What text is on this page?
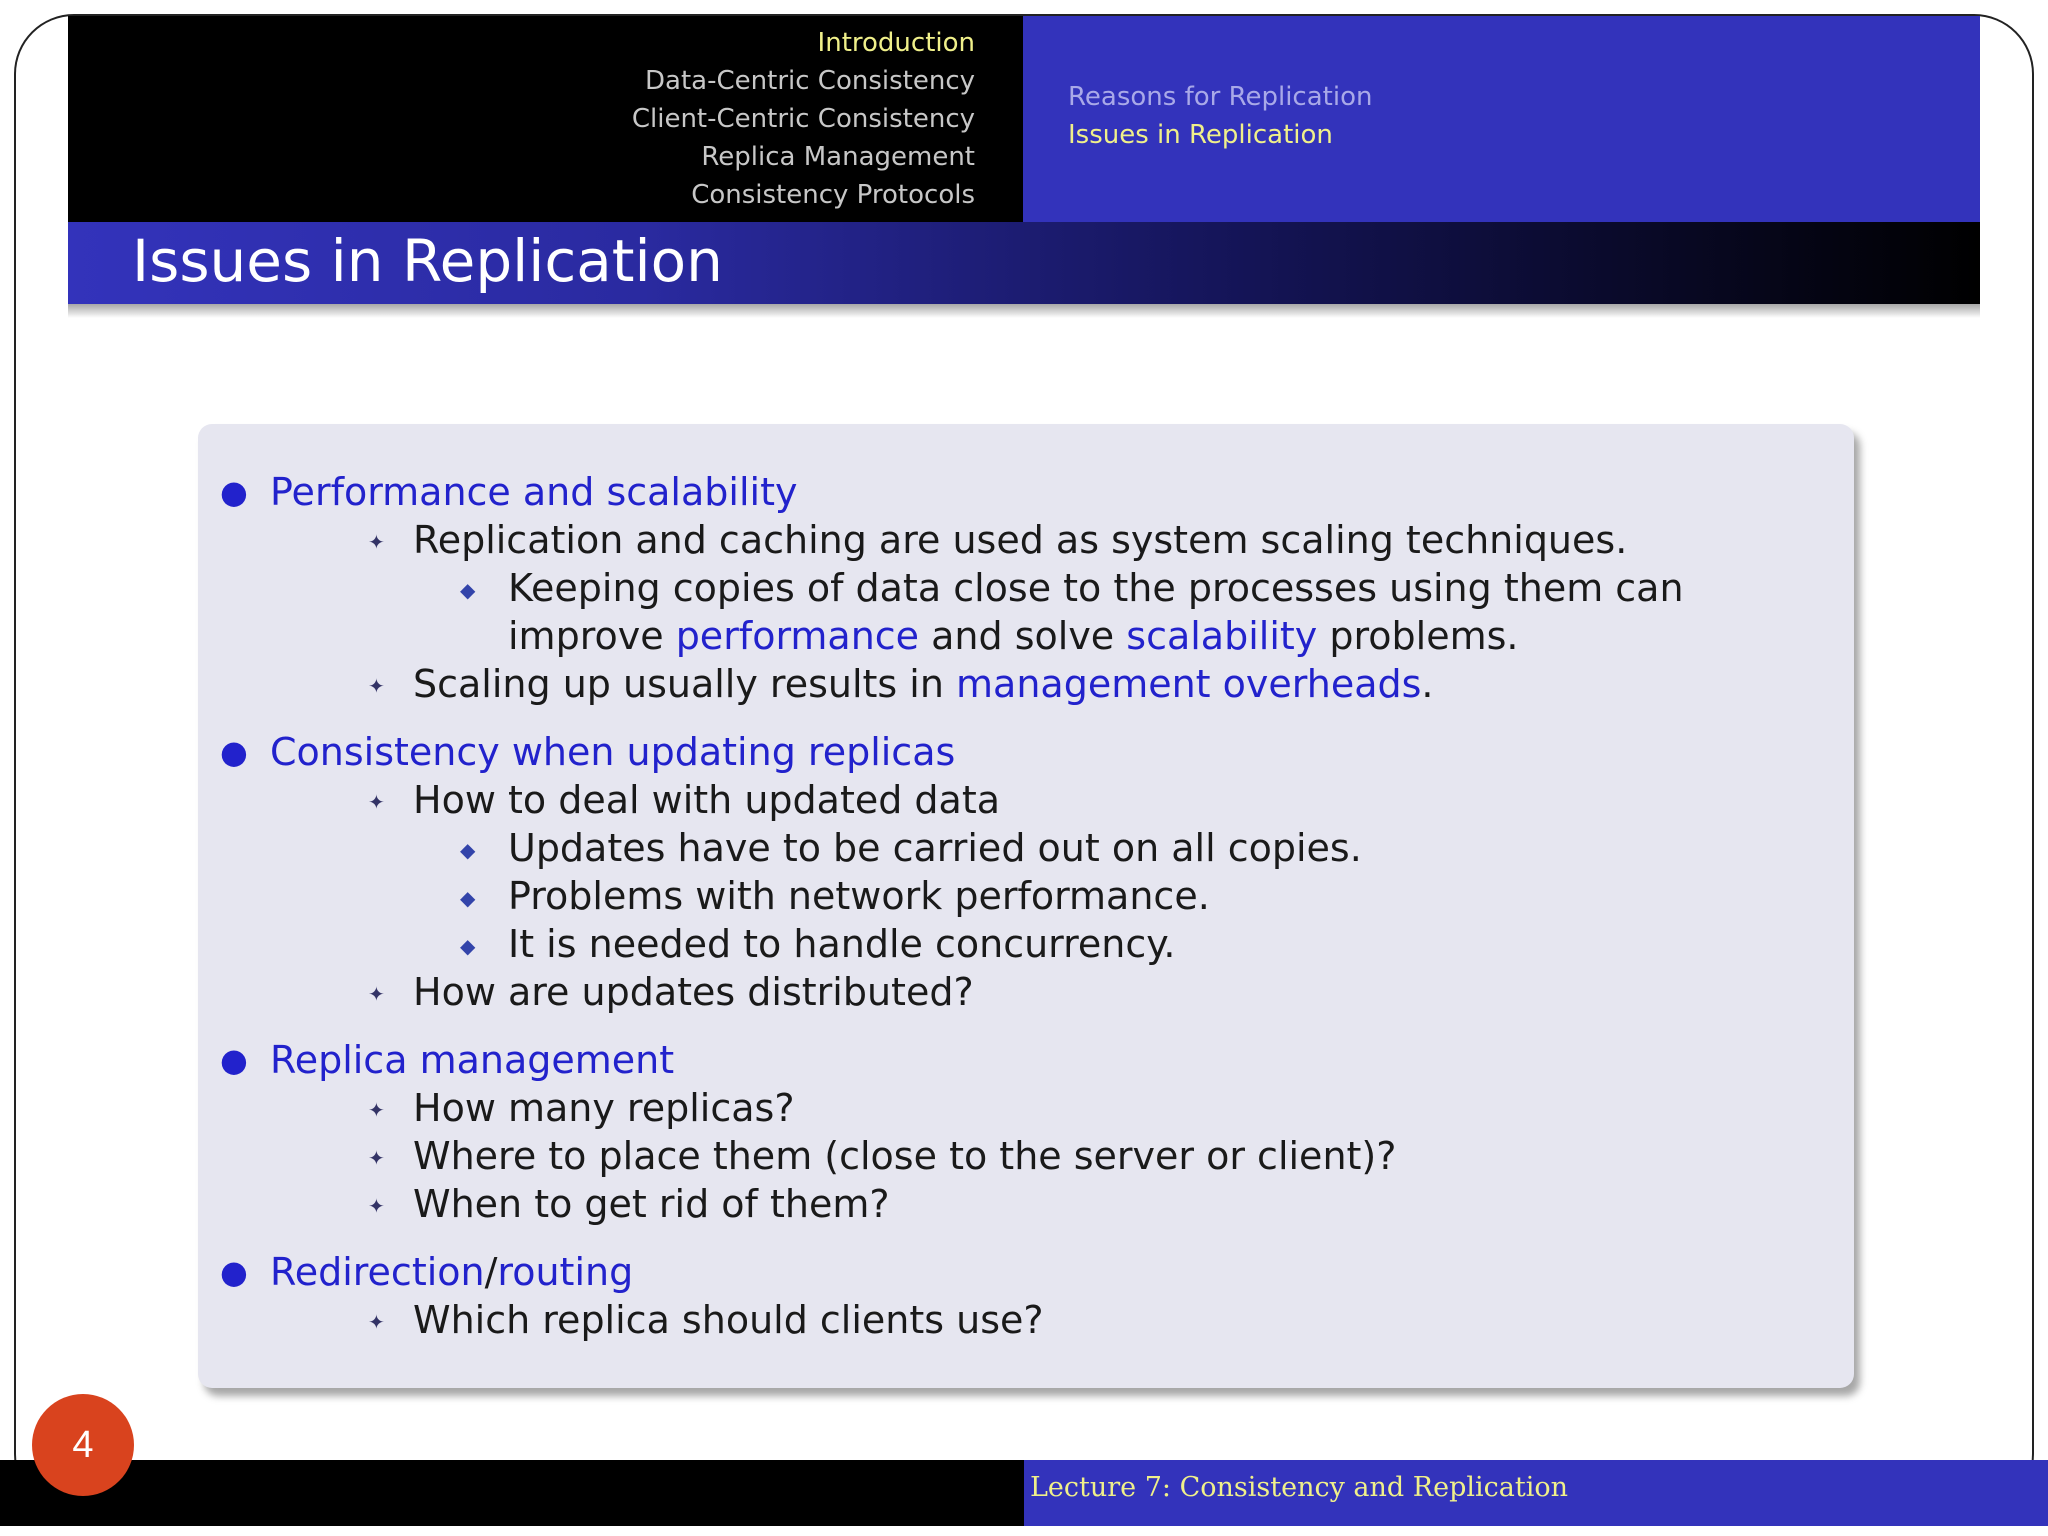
Introduction
Data-Centric Consistency
Client-Centric Consistency
Replica Management
Consistency Protocols
Reasons for Replication
Issues in Replication
Issues in Replication
● Performance and scalability
✦ Replication and caching are used as system scaling techniques.
◆ Keeping copies of data close to the processes using them can improve performance and solve scalability problems.
✦ Scaling up usually results in management overheads.
● Consistency when updating replicas
✦ How to deal with updated data
◆ Updates have to be carried out on all copies.
◆ Problems with network performance.
◆ It is needed to handle concurrency.
✦ How are updates distributed?
● Replica management
✦ How many replicas?
✦ Where to place them (close to the server or client)?
✦ When to get rid of them?
● Redirection/routing
✦ Which replica should clients use?
Lecture 7: Consistency and Replication
4
